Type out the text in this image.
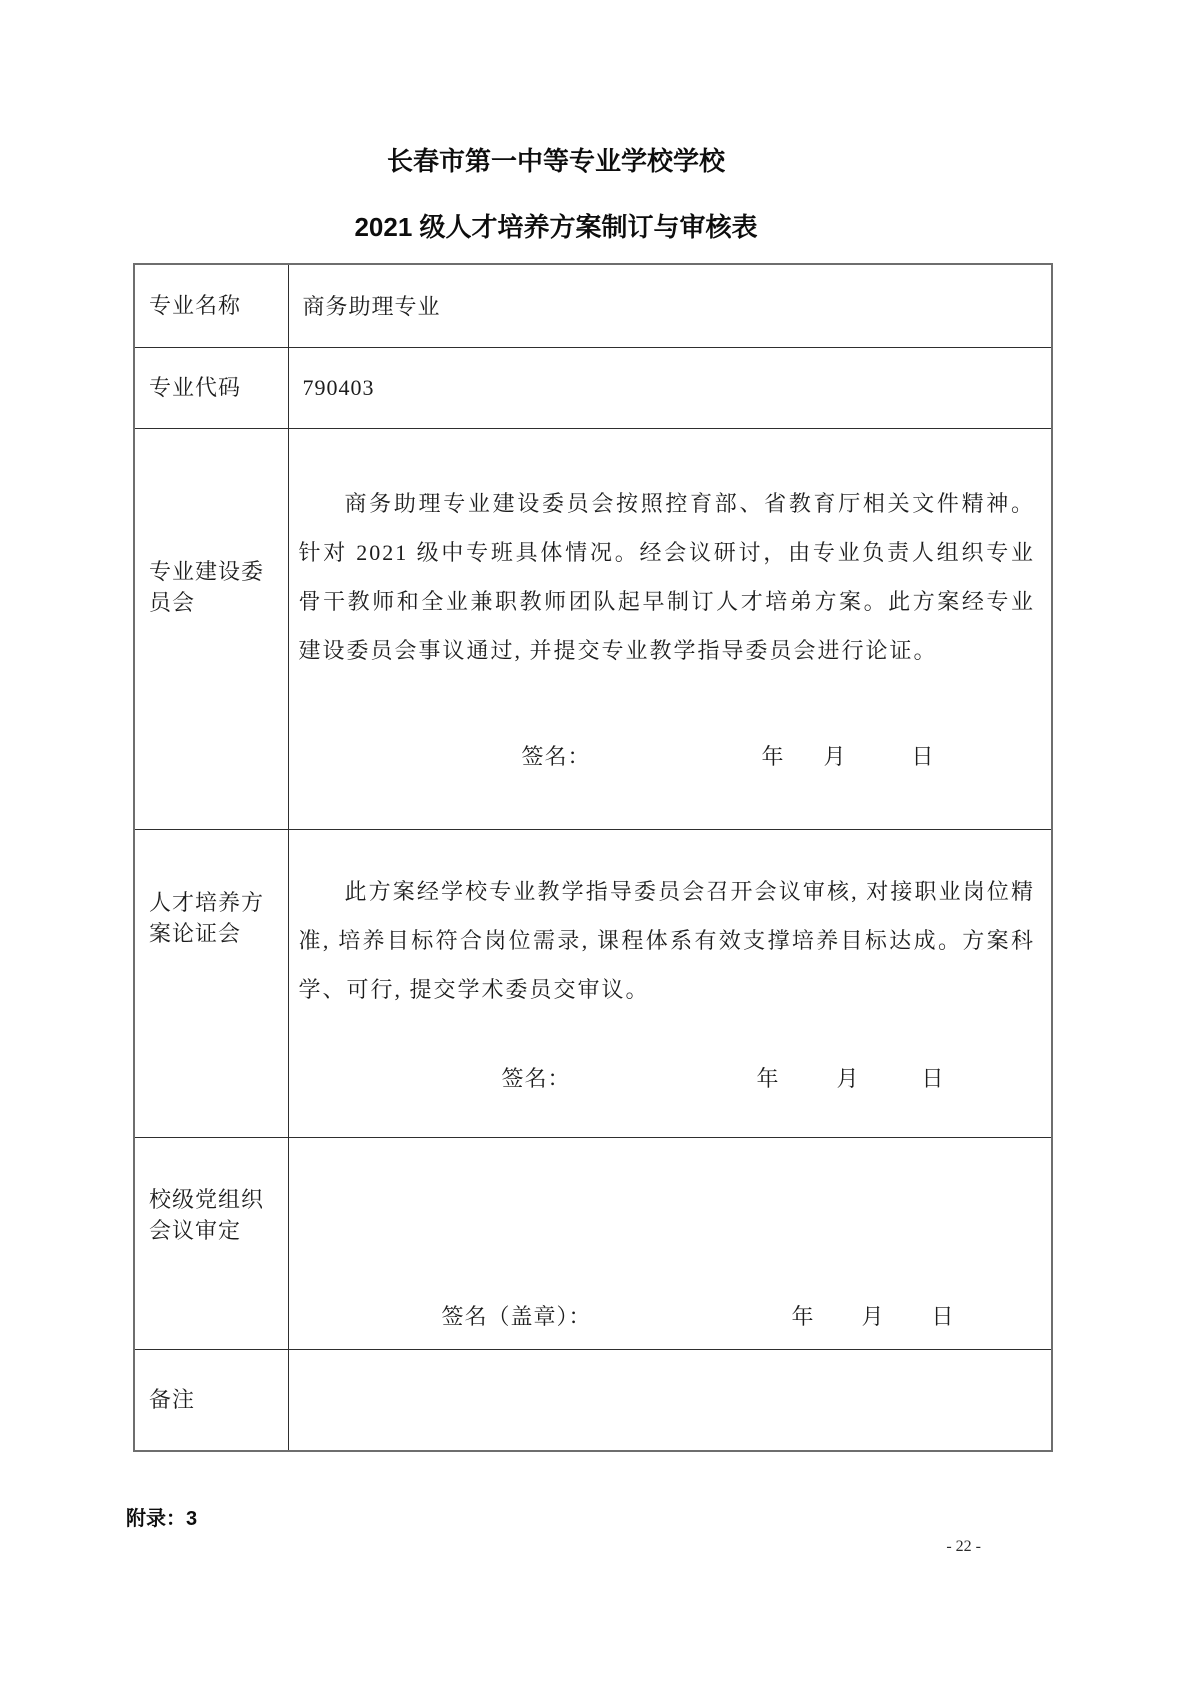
长春市第一中等专业学校学校
2021 级人才培养方案制订与审核表
专业名称	商务助理专业
专业代码	790403
专业建设委员会	商务助理专业建设委员会按照控育部、省教育厅相关文件精神。针对 2021 级中专班具体情况。经会议研讨，由专业负责人组织专业骨干教师和全业兼职教师团队起早制订人才培弟方案。此方案经专业建设委员会事议通过, 并提交专业教学指导委员会进行论证。

签名： 年 月 日

人才培养方案论证会	此方案经学校专业教学指导委员会召开会议审核, 对接职业岗位精准, 培养目标符合岗位需录, 课程体系有效支撑培养目标达成。方案科学、可行, 提交学术委员交审议。

签名： 年 月 日

校级党组织会议审定	签名（盖章）： 年 月 日

备注	
附录：3
- 22 -
